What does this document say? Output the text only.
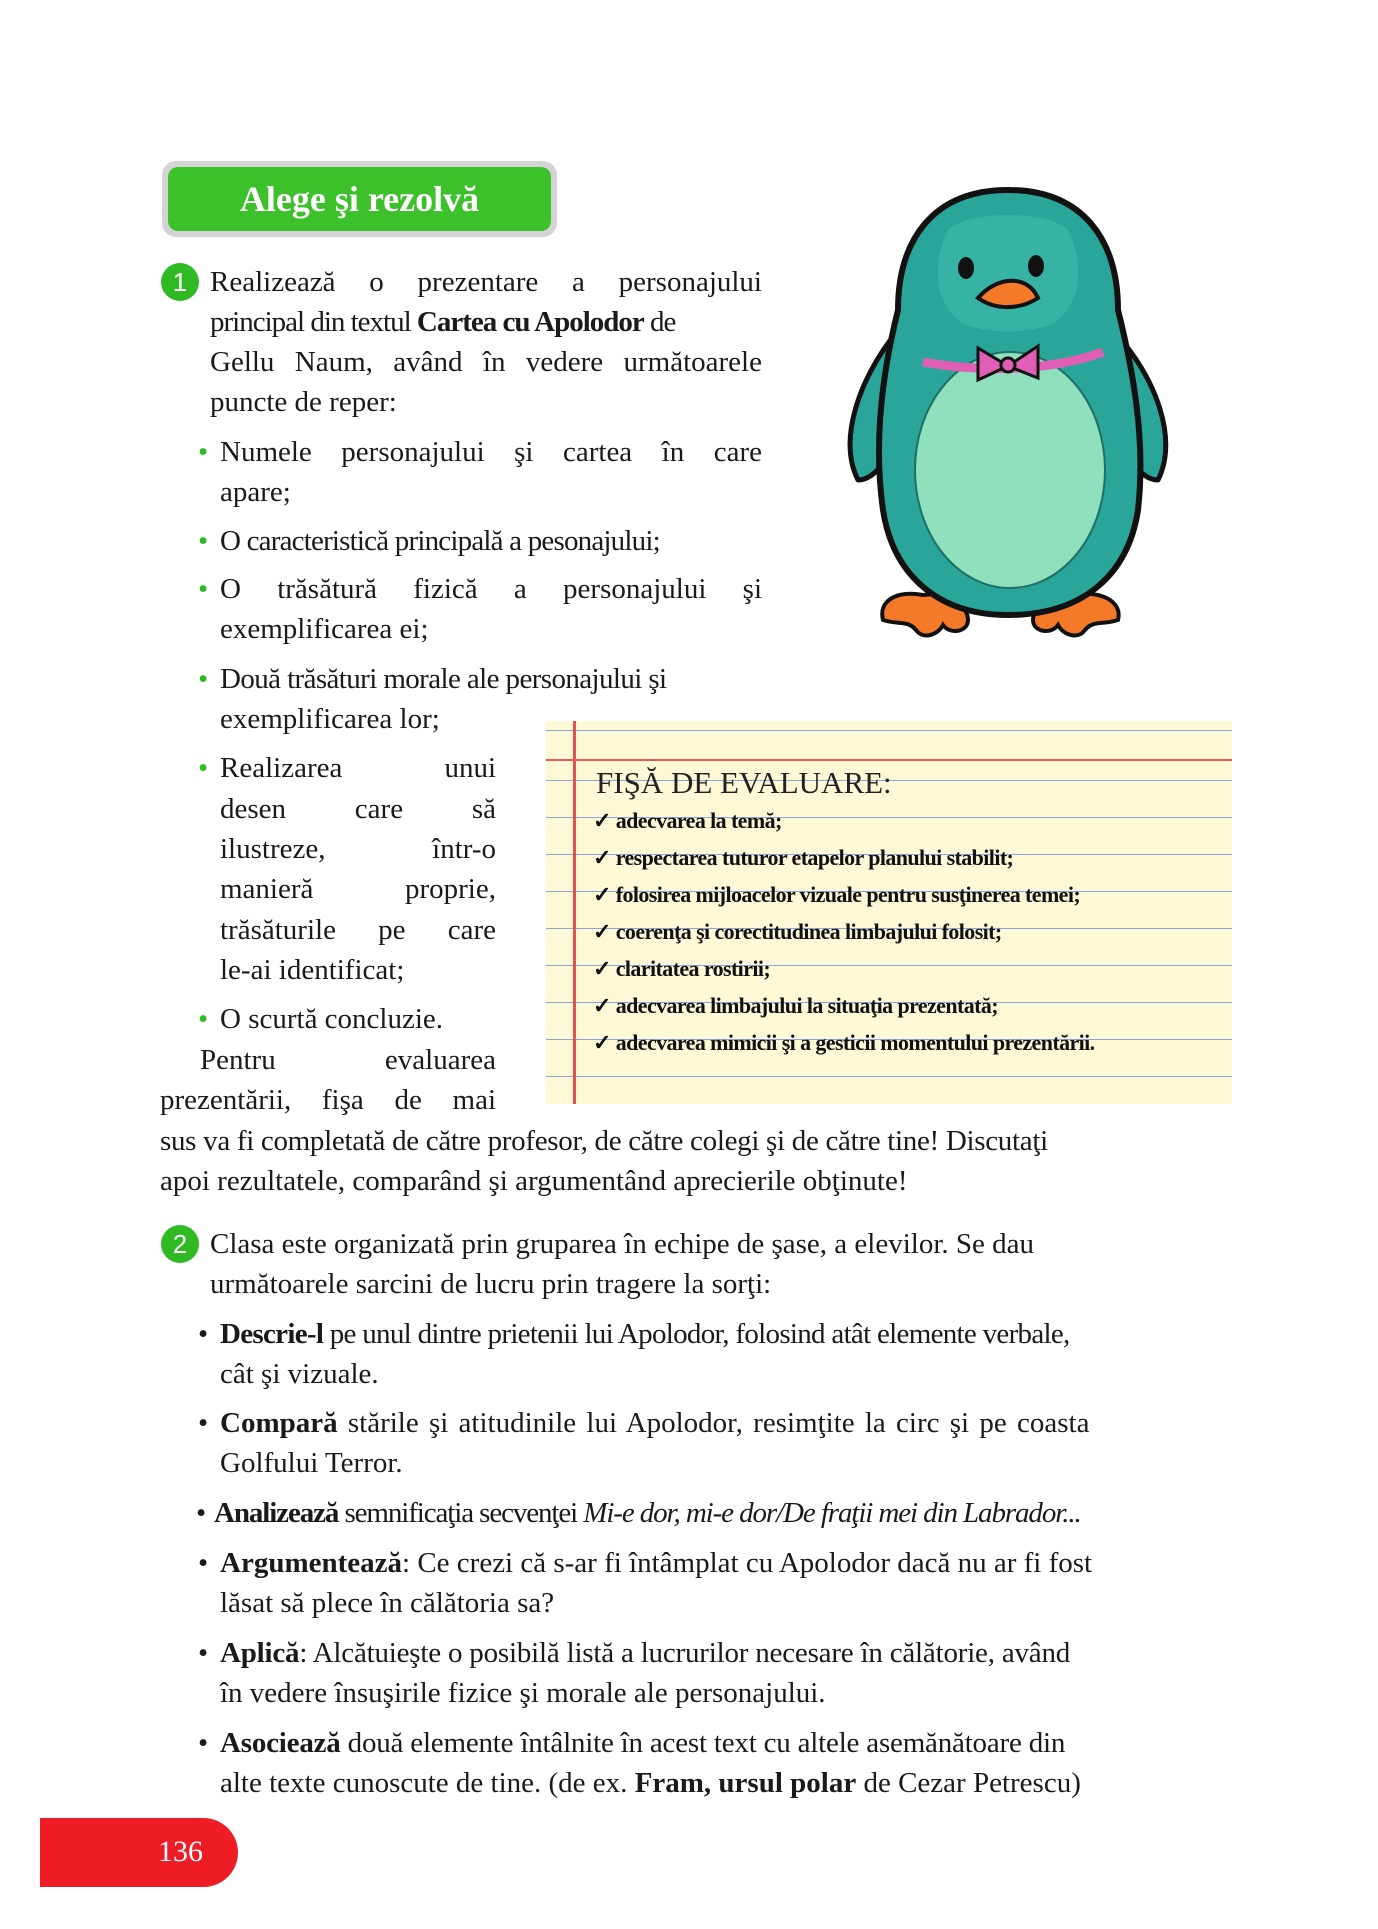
Alege şi rezolvă
1 Realizează o prezentare a personajului
principal din textul Cartea cu Apolodor de
Gellu Naum, având în vedere următoarele
puncte de reper:
• Numele personajului şi cartea în care
apare;
• O caracteristică principală a pesonajului;
• O trăsătură fizică a personajului şi
exemplificarea ei;
• Două trăsături morale ale personajului şi
exemplificarea lor;
• Realizarea unui
desen care să
ilustreze, într-o
manieră proprie,
trăsăturile pe care
le-ai identificat;
• O scurtă concluzie.
Pentru evaluarea
prezentării, fişa de mai
sus va fi completată de către profesor, de către colegi şi de către tine! Discutaţi
apoi rezultatele, comparând şi argumentând aprecierile obţinute!
FIŞĂ DE EVALUARE:
✓ adecvarea la temă;
✓ respectarea tuturor etapelor planului stabilit;
✓ folosirea mijloacelor vizuale pentru susţinerea temei;
✓ coerenţa şi corectitudinea limbajului folosit;
✓ claritatea rostirii;
✓ adecvarea limbajului la situaţia prezentată;
✓ adecvarea mimicii şi a gesticii momentului prezentării.
2 Clasa este organizată prin gruparea în echipe de şase, a elevilor. Se dau
următoarele sarcini de lucru prin tragere la sorţi:
• Descrie-l pe unul dintre prietenii lui Apolodor, folosind atât elemente verbale,
cât şi vizuale.
• Compară stările şi atitudinile lui Apolodor, resimţite la circ şi pe coasta
Golfului Terror.
• Analizează semnificaţia secvenţei Mi-e dor, mi-e dor/De fraţii mei din Labrador...
• Argumentează: Ce crezi că s-ar fi întâmplat cu Apolodor dacă nu ar fi fost
lăsat să plece în călătoria sa?
• Aplică: Alcătuieşte o posibilă listă a lucrurilor necesare în călătorie, având
în vedere însuşirile fizice şi morale ale personajului.
• Asociează două elemente întâlnite în acest text cu altele asemănătoare din
alte texte cunoscute de tine. (de ex. Fram, ursul polar de Cezar Petrescu)
136
